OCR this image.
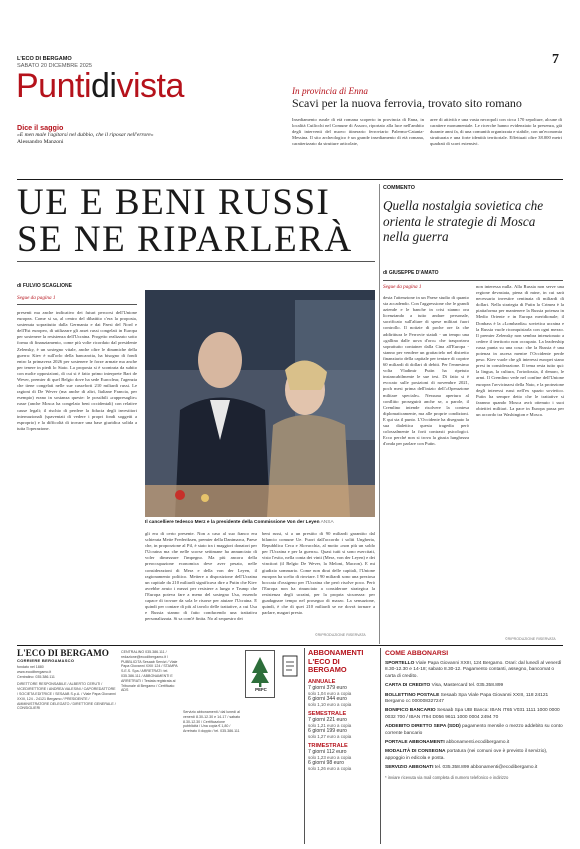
L'ECO DI BERGAMO
SABATO 20 DICEMBRE 2025	7
Puntidivista
Dice il saggio
«E men male l'agitarsi nel dubbio, che il riposar nell'errore»
Alessandro Manzoni
In provincia di Enna
Scavi per la nuova ferrovia, trovato sito romano
Insediamento rurale di età romana scoperto in provincia di Enna, in località Cutlicchi nel Comune di Assoro, riportato alla luce nell'ambito degli interventi del nuovo itinerario ferroviario Palermo-Catania-Messina. Il sito archeologico è un grande insediamento di età romana, caratterizzato da strutture articolate,
aree di attività e una vasta necropoli con circa 170 sepolture, alcune di carattere monumentale. Le ricerche hanno evidenziato la presenza, già durante anni fa, di una comunità organizzata e stabile, con un'economia strutturata e una forte identità territoriale. Effettuati oltre 38.000 metri quadrati di scavi estensivi.
UE E BENI RUSSI
SE NE RIPARLERÀ
COMMENTO
Quella nostalgia sovietica che orienta le strategie di Mosca nella guerra
di GIUSEPPE D'AMATO
di FULVIO SCAGLIONE
Segue da pagina 1
presenti ma anche indicativo dei futuri percorsi dell'Unione europea. Come si sa, al centro del dibattito c'era la proposta, sostenuta soprattutto dalla Germania e dai Paesi del Nord e dell'Est europeo, di utilizzare gli asset russi congelati in Europa per sostenere la resistenza dell'Ucraina. Progetto realizzato sotto forma di finanziamento, come più volte ricordato dal presidente Zelensky, è un sostegno vitale, anche oltre le dinamiche della guerra: Kiev è sull'orlo della bancarotta, ha bisogno di fondi entro la primavera 2026 per sostenere le forze armate ma anche per tenere in piedi lo Stato. La proposta si è scontrata da subito con molte opposizioni, di cui si è fatto primo interprete Bart de Wever, premier di quel Belgio dove ha sede Euroclear, l'agenzia che tiene congelati nelle sue casseforti 210 miliardi russi. Le ragioni di De Wever (ma anche di altri, Italiane Francia, per esempio) erano in sostanza queste: le possibili «rappresaglie» russe (anche Mosca ha congelato beni occidentali) con relative cause legali; il rischio di perdere la fiducia degli investitori internazionali (spaventati di vedere i propri fondi soggetti a esproprio) e la difficoltà di trovare una base giuridica solida a tutta l'operazione.
Il cancelliere tedesco Merz e la presidente della Commissione Von der Leyen ANSA
gli era di certo presente. Non a caso al suo fianco era schierata Mette Frederiksen, premier della Danimarca, Paese che, in proporzione al Pil, è stato tra i maggiori donatori per l'Ucraina ma che nelle scorse settimane ha annunciato di voler dimezzare l'impegno. Ma più ancora della preoccupazione economica deve aver pesato, nelle considerazioni di Merz e della von der Leyen, il ragionamento politico. Mettere a disposizione dell'Ucraina un capitale da 210 miliardi significava dire a Putin che Kiev avrebbe avuto i mezzi per resistere a lungo e Trump che l'Europa poteva fare a meno del sostegno Usa, essendo capace di trovare da sola le risorse per aiutare l'Ucraina. E quindi per contare di più al tavolo delle trattative, a cui Usa e Russia stanno di fatto conducendo una trattativa personalizzata. Si sa com'è finita. No al sequestro dei
beni russi, sì a un prestito di 90 miliardi garantito dal bilancio comune Ue. Fuori dall'accordo i soliti Ungheria, Repubblica Ceca e Slovacchia, al motto «non più un soldo per l'Ucraina e per la guerra». Quasi tutti si sono esercitati, visto l'esito, nella conta dei vinti (Merz, von der Leyen) e dei vincitori (il Belgio De Wever, la Meloni, Macron). E mi giudizio sommario. Come non dirai delle capitali, l'Unione europea ha scelto di rinviare. I 90 miliardi sono una preziosa boccata d'ossigeno per l'Ucraina che però risolve poco. Però l'Europa non ha rinunciato a considerare strategica la resistenza degli ucraini, per la propria sicurezza: per guadagnare tempo nel proseguo di marzo. La sensazione, quindi, è che di quei 210 miliardi se ne dovrà tornare a parlare, magari presto.
©RIPRODUZIONE RISERVATA
Segue da pagina 1
desta l'attenzione in un Paese studio di quanto sta accadendo. Con l'aggressione che le grandi aziende e le banche in crisi stanno ora licenziando a tutto andare personale, sacrificato sull'altare di spese militari fuori controllo. Il notizie di poche ore fa che addirittura le Ferrovie statali - un tempo una «gallina dalle uova d'oro» che trasportava soprattutto container dalla Cina all'Europa - stanno per vendere un grattacielo nel distretto finanziario della capitale per tentare di coprire 60 miliardi di dollari di debiti. Per l'ennesimo volta Vladimir Putin ha ripetuto instancabilmente le sue tesi. Di fatto si è evocato sulle posizioni di novembre 2021, poch mesi prima dell'inizio dell'«Operazione militare speciale». Nessuna apertura al conflitto proseguirà anche se, a parole, il Cremlino intende risolvere la contesa diplomaticamente, ma alle proprie condizioni. E qui sta il punto. L'Occidente ha disegnato la sua dialettica questa tragedia però colossalmente la forti contrasti psicologici. Ecco perché non si trova la giusta lunghezza d'onda per parlare con Putin.
non interessa nulla. Alla Russia non serve una regione devastata, piena di mine, in cui sarà necessario investire centinaia di miliardi di dollari. Nella strategia di Putin la Crimea è la piattaforma per mantenere la Russia potenza in Medio Oriente e in Europa meridionale; il Donbass è la «Lombardia» sovietica ucraina e la Russia vuole riconquistarla con ogni mezzo. Il premier Zelensky non sembra intenzionato a cedere il territorio non occupato. La leadership russa punta su una cosa: che la Russia è una potenza in ascesa mentre l'Occidente perde peso. Kiev vuole che gli interessi europei siano presi in considerazione. Il tema resta tutto qui: la lingua, la cultura, l'ortodossia, il denaro, le armi. Il Cremlino vede nel confine dell'Unione europea l'avvicinarsi della Nato, e la protezione degli interessi russi nell'ex spazio sovietico. Putin ha sempre detto che le trattative si faranno quando Mosca avrà ottenuto i suoi obiettivi militari. La pace in Europa passa per un accordo tra Washington e Mosca.
©RIPRODUZIONE RISERVATA
L'ECO DI BERGAMO
CORRIERE BERGAMASCO
fondato nel 1880
www.ecodibergamo.it
Centralino: 035.386.111
DIRETTORE RESPONSABILE / ALBERTO CERUTI / VICEDIRETTORE / ANDREA VALESINI / CAPOREDATTORE / SOCIETA EDITRICE / SESAAB S.p.A. / Viale Papa Giovanni XXIII, 124 - 24121 Bergamo / PRESIDENTE / AMMINISTRATORE DELEGATO / DIRETTORE GENERALE / CONSIGLIERI
CENTRALINO 035.386.111 / redazione@ecodibergamo.it / PUBBLICITA Sesaab Servizi / Viale Papa Giovanni XXIII 124 / STAMPA S.E.S. Spa / ARRETRATI: tel. 035.386.111 / ABBONAMENTI E ARRETRATI / Testata registrata al Tribunale di Bergamo / Certificato ADS
Servizio abbonamenti / dal lunedì al venerdì 8.30-12.30 e 14-17 / sabato 8.30-12.30 / Certificazione pubblicità / Una copia € 1,80 / Arretrato il doppio / tel. 035.386.111
PEFC
ABBONAMENTI
L'ECO DI BERGAMO
ANNUALE
7 giorni 379 euro
solo 1,04 euro a copia
6 giorni 344 euro
solo 1,10 euro a copia
SEMESTRALE
7 giorni 221 euro
solo 1,21 euro a copia
6 giorni 199 euro
solo 1,27 euro a copia
TRIMESTRALE
7 giorni 112 euro
solo 1,23 euro a copia
6 giorni 98 euro
solo 1,26 euro a copia
COME ABBONARSI
SPORTELLO Viale Papa Giovanni XXIII, 124 Bergamo. Orari: dal lunedì al venerdì 8.30-12.30 e 14-18; sabato 8.30-12. Pagamento contanti, assegno, bancomat o carta di credito.
CARTA DI CREDITO Visa, Mastercard tel. 035.358.899
BOLLETTINO POSTALE Sesaab Spa Viale Papa Giovanni XXIII, 118 24121 Bergamo cc 000008327247
BONIFICO BANCARIO Sesaab Spa UBI Banca: IBAN IT65 V031 1111 1000 0000 0032 700 / IBAN IT94 D056 9611 1000 0004 2494 70
ADDEBITO DIRETTO SEPA (SDD) pagamento mensile o mezzo addebito su conto corrente bancario
PORTALE ABBONAMENTI abbonamenti.ecodibergamo.it
MODALITÀ DI CONSEGNA portatura (nei comuni ove è previsto il servizio), appoggio in edicola e posta.
SERVIZIO ABBONATI tel. 035.358.899 abbonamenti@ecodibergamo.it
* inviare ricevuta via mail completa di numero telefonico e indirizzo
